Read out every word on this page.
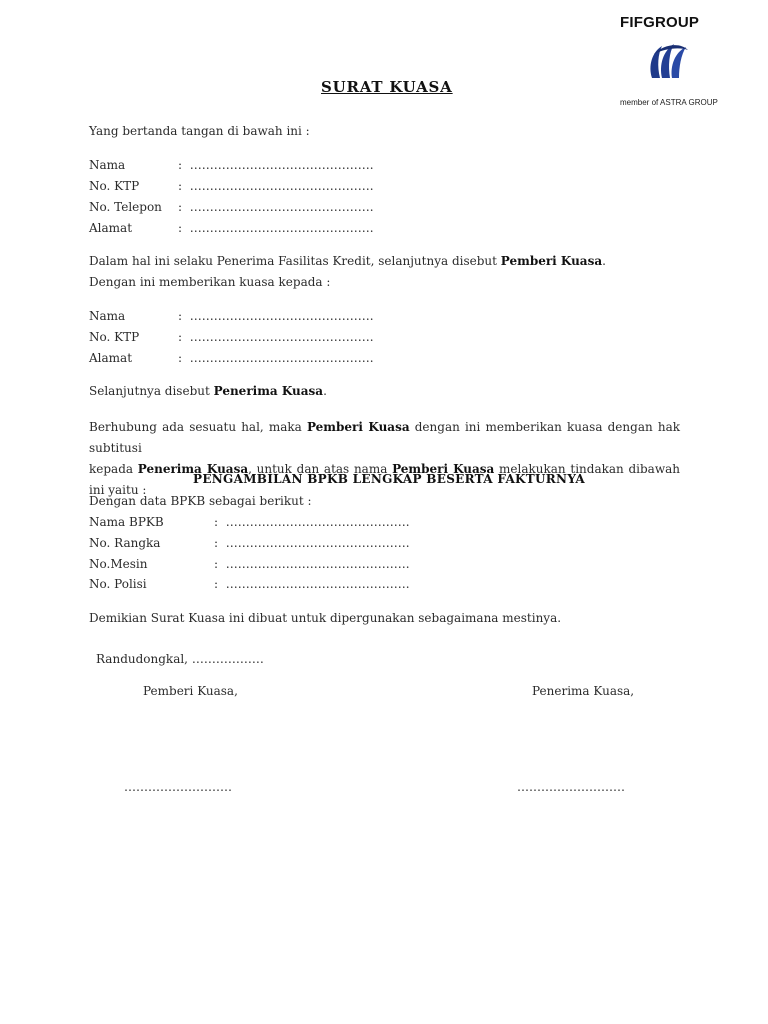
FIFGROUP
member of ASTRA GROUP
SURAT KUASA
Yang bertanda tangan di bawah ini :
Nama	: ……………………………………….
No. KTP	: ……………………………………….
No. Telepon : ……………………………………….
Alamat	: ……………………………………….
Dalam hal ini selaku Penerima Fasilitas Kredit, selanjutnya disebut Pemberi Kuasa.
Dengan ini memberikan kuasa kepada :
Nama	: ……………………………………….
No. KTP	: ……………………………………….
Alamat	: ……………………………………….
Selanjutnya disebut Penerima Kuasa.
Berhubung ada sesuatu hal, maka Pemberi Kuasa dengan ini memberikan kuasa dengan hak subtitusi
kepada Penerima Kuasa, untuk dan atas nama Pemberi Kuasa melakukan tindakan dibawah ini yaitu :
PENGAMBILAN BPKB LENGKAP BESERTA FAKTURNYA
Dengan data BPKB sebagai berikut :
Nama BPKB	: ……………………………………….
No. Rangka	: ……………………………………….
No.Mesin	: ……………………………………….
No. Polisi	: ……………………………………….
Demikian Surat Kuasa ini dibuat untuk dipergunakan sebagaimana mestinya.
Randudongkal, ………………
Pemberi Kuasa,	Penerima Kuasa,
………………………	………………………
